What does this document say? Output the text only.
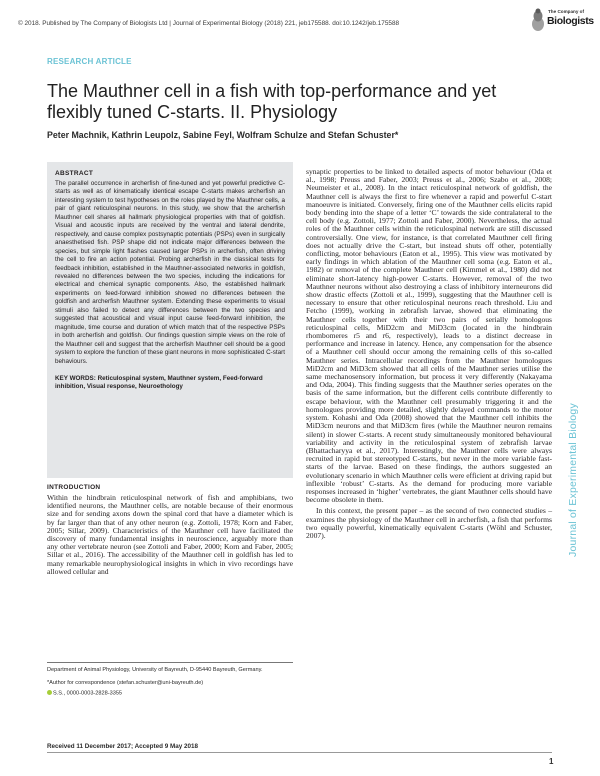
© 2018. Published by The Company of Biologists Ltd | Journal of Experimental Biology (2018) 221, jeb175588. doi:10.1242/jeb.175588
The Company of
Biologists
RESEARCH ARTICLE
The Mauthner cell in a fish with top-performance and yet flexibly tuned C-starts. II. Physiology
Peter Machnik, Kathrin Leupolz, Sabine Feyl, Wolfram Schulze and Stefan Schuster*
Journal of Experimental Biology
ABSTRACT

The parallel occurrence in archerfish of fine-tuned and yet powerful predictive C-starts as well as of kinematically identical escape C-starts makes archerfish an interesting system to test hypotheses on the roles played by the Mauthner cells, a pair of giant reticulospinal neurons. In this study, we show that the archerfish Mauthner cell shares all hallmark physiological properties with that of goldfish. Visual and acoustic inputs are received by the ventral and lateral dendrite, respectively, and cause complex postsynaptic potentials (PSPs) even in surgically anaesthetised fish. PSP shape did not indicate major differences between the species, but simple light flashes caused larger PSPs in archerfish, often driving the cell to fire an action potential. Probing archerfish in the classical tests for feedback inhibition, established in the Mauthner-associated networks in goldfish, revealed no differences between the two species, including the indications for electrical and chemical synaptic components. Also, the established hallmark experiments on feed-forward inhibition showed no differences between the goldfish and archerfish Mauthner system. Extending these experiments to visual stimuli also failed to detect any differences between the two species and suggested that acoustical and visual input cause feed-forward inhibition, the magnitude, time course and duration of which match that of the respective PSPs in both archerfish and goldfish. Our findings question simple views on the role of the Mauthner cell and suggest that the archerfish Mauthner cell should be a good system to explore the function of these giant neurons in more sophisticated C-start behaviours.

KEY WORDS: Reticulospinal system, Mauthner system, Feed-forward inhibition, Visual response, Neuroethology
INTRODUCTION

Within the hindbrain reticulospinal network of fish and amphibians, two identified neurons, the Mauthner cells, are notable because of their enormous size and for sending axons down the spinal cord that have a diameter which is by far larger than that of any other neuron (e.g. Zottoli, 1978; Korn and Faber, 2005; Sillar, 2009). Characteristics of the Mauthner cell have facilitated the discovery of many fundamental insights in neuroscience, arguably more than any other vertebrate neuron (see Zottoli and Faber, 2000; Korn and Faber, 2005; Sillar et al., 2016). The accessibility of the Mauthner cell in goldfish has led to many remarkable neurophysiological insights in which in vivo recordings have allowed cellular and

synaptic properties to be linked to detailed aspects of motor behaviour (Oda et al., 1998; Preuss and Faber, 2003; Preuss et al., 2006; Szabo et al., 2008; Neumeister et al., 2008). In the intact reticulospinal network of goldfish, the Mauthner cell is always the first to fire whenever a rapid and powerful C-start manoeuvre is initiated. Conversely, firing one of the Mauthner cells elicits rapid body bending into the shape of a letter ‘C’ towards the side contralateral to the cell body (e.g. Zottoli, 1977; Zottoli and Faber, 2000). Nevertheless, the actual roles of the Mauthner cells within the reticulospinal network are still discussed controversially. One view, for instance, is that correlated Mauthner cell firing does not actually drive the C-start, but instead shuts off other, potentially conflicting, motor behaviours (Eaton et al., 1995). This view was motivated by early findings in which ablation of the Mauthner cell soma (e.g. Eaton et al., 1982) or removal of the complete Mauthner cell (Kimmel et al., 1980) did not eliminate short-latency high-power C-starts. However, removal of the two Mauthner neurons without also destroying a class of inhibitory interneurons did show drastic effects (Zottoli et al., 1999), suggesting that the Mauthner cell is necessary to ensure that other reticulospinal neurons reach threshold. Liu and Fetcho (1999), working in zebrafish larvae, showed that eliminating the Mauthner cells together with their two pairs of serially homologous reticulospinal cells, MiD2cm and MiD3cm (located in the hindbrain rhombomeres r5 and r6, respectively), leads to a distinct decrease in performance and increase in latency. Hence, any compensation for the absence of a Mauthner cell should occur among the remaining cells of this so-called Mauthner series. Intracellular recordings from the Mauthner homologues MiD2cm and MiD3cm showed that all cells of the Mauthner series utilise the same mechanosensory information, but process it very differently (Nakayama and Oda, 2004). This finding suggests that the Mauthner series operates on the basis of the same information, but the different cells contribute differently to escape behaviour, with the Mauthner cell presumably triggering it and the homologues providing more detailed, slightly delayed commands to the motor system. Kohashi and Oda (2008) showed that the Mauthner cell inhibits the MiD3cm neurons and that MiD3cm fires (while the Mauthner neuron remains silent) in slower C-starts. A recent study simultaneously monitored behavioural variability and activity in the reticulospinal system of zebrafish larvae (Bhattacharyya et al., 2017). Interestingly, the Mauthner cells were always recruited in rapid but stereotyped C-starts, but never in the more variable fast-starts of the larvae. Based on these findings, the authors suggested an evolutionary scenario in which Mauthner cells were efficient at driving rapid but inflexible ‘robust’ C-starts. As the demand for producing more variable responses increased in ‘higher’ vertebrates, the giant Mauthner cells should have become obsolete in them.

In this context, the present paper – as the second of two connected studies – examines the physiology of the Mauthner cell in archerfish, a fish that performs two equally powerful, kinematically equivalent C-starts (Wöhl and Schuster, 2007).

Department of Animal Physiology, University of Bayreuth, D-95440 Bayreuth, Germany.
*Author for correspondence (stefan.schuster@uni-bayreuth.de)
S.S., 0000-0003-2828-3355
Received 11 December 2017; Accepted 9 May 2018
1
